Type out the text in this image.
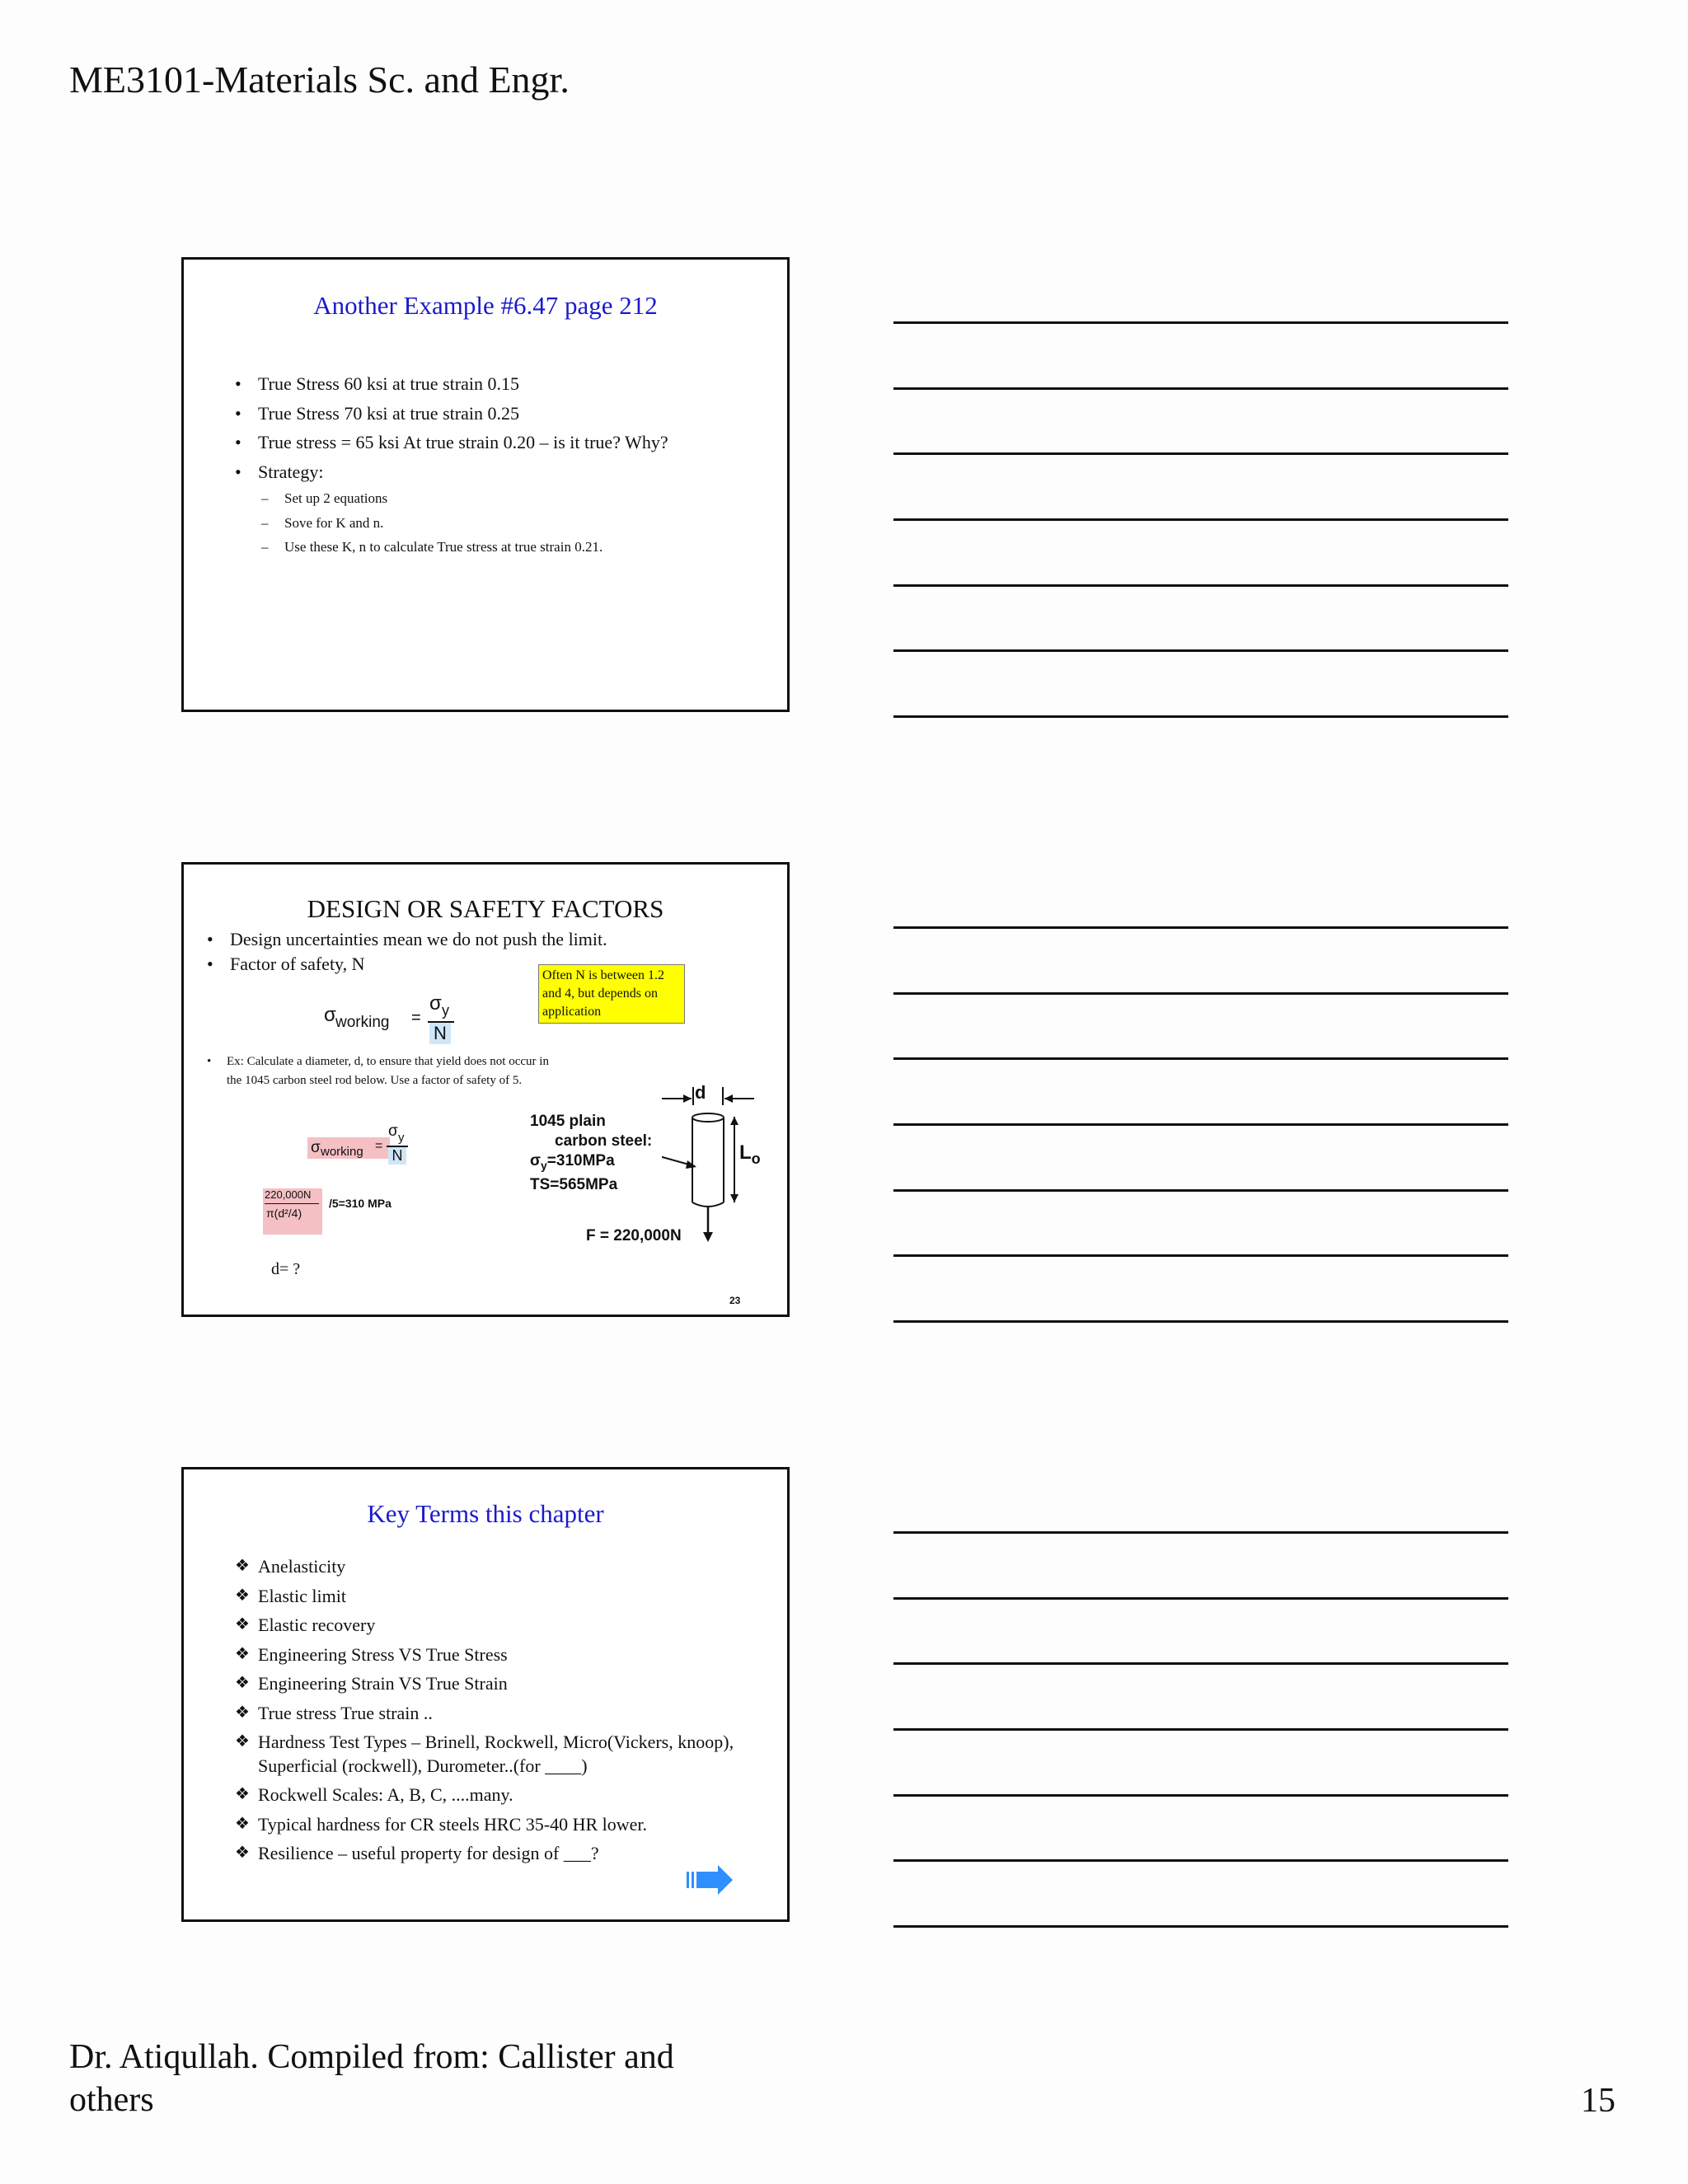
ME3101-Materials Sc. and Engr.
Another Example #6.47 page 212
• True Stress 60 ksi at true strain 0.15
• True Stress 70 ksi at true strain 0.25
• True stress = 65 ksi At true strain 0.20 – is it true? Why?
• Strategy:
– Set up 2 equations
– Sove for K and n.
– Use these K, n to calculate True stress at true strain 0.21.
DESIGN OR SAFETY FACTORS
• Design uncertainties mean we do not push the limit.
• Factor of safety, N
Often N is between 1.2 and 4, but depends on application
σ working =
σ y
N
•	Ex: Calculate a diameter, d, to ensure that yield does not occur in the 1045 carbon steel rod below. Use a factor of safety of 5.
σ working =
σ y
N
220,000N
π(d²/4)
/5=310 MPa
d= ?
1045 plain
carbon steel:
$\sigma_y=310MPa$
TS=565MPa
d
$L_o$
F = 220,000N
23
Key Terms this chapter
❖ Anelasticity
❖ Elastic limit
❖ Elastic recovery
❖ Engineering Stress VS True Stress
❖ Engineering Strain VS True Strain
❖ True stress True strain ..
❖ Hardness Test Types – Brinell, Rockwell, Micro(Vickers, knoop), Superficial (rockwell), Durometer..(for ____)
❖ Rockwell Scales: A, B, C, ....many.
❖ Typical hardness for CR steels HRC 35-40 HR lower.
❖ Resilience – useful property for design of ___?
Dr. Atiqullah. Compiled from: Callister and
others	15
